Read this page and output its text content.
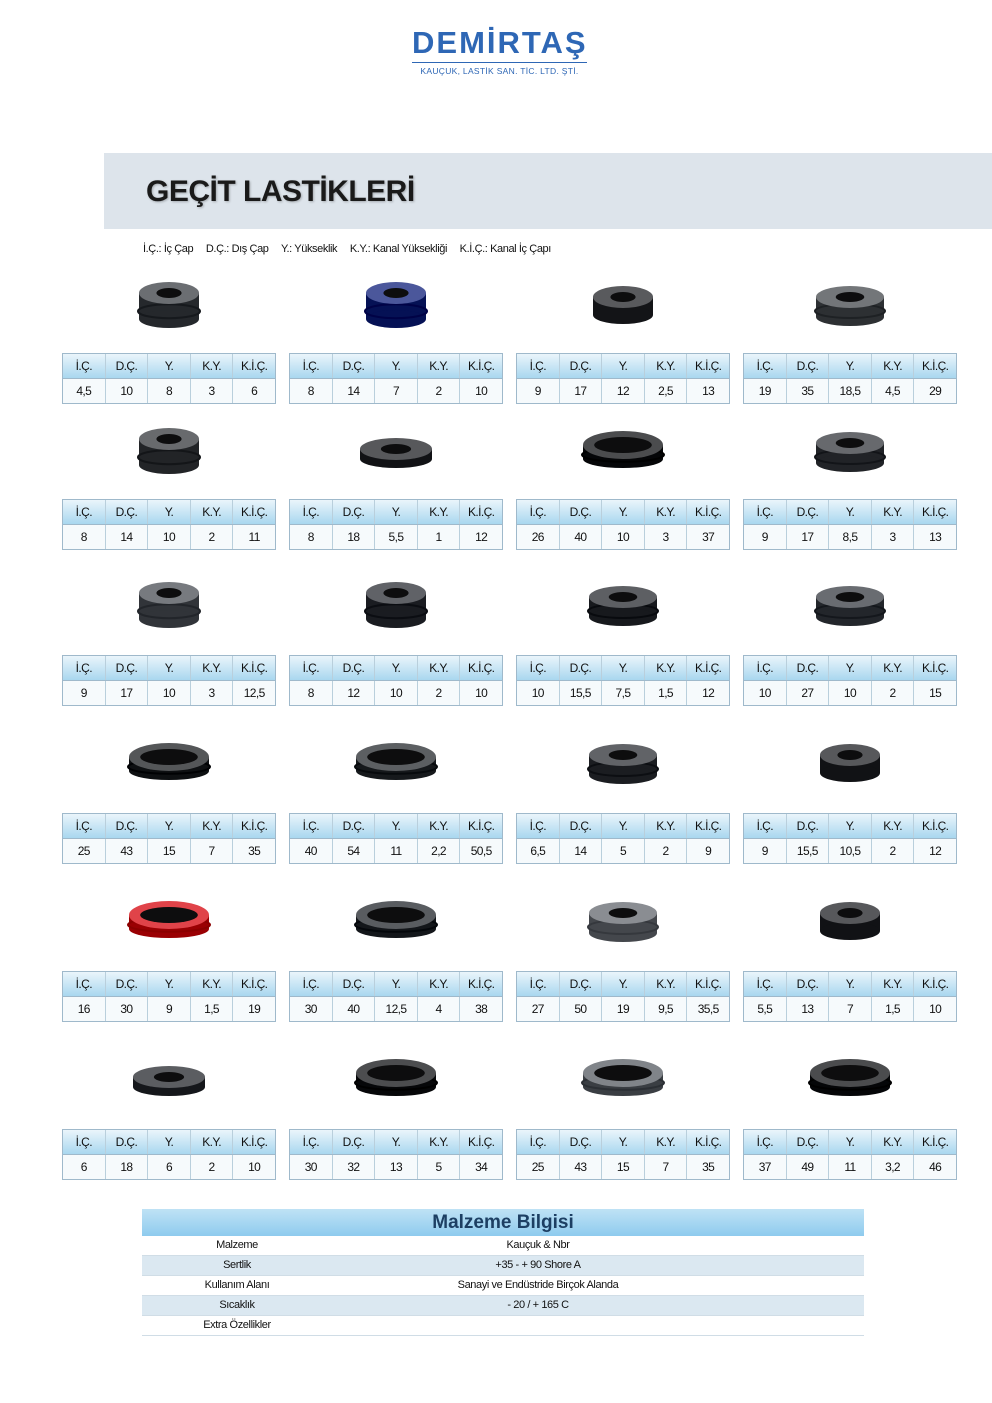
DEMİRTAŞ
KAUÇUK, LASTİK SAN. TİC. LTD. ŞTİ.
GEÇİT LASTİKLERİ
İ.Ç.: İç Çap D.Ç.: Dış Çap Y.: Yükseklik K.Y.: Kanal Yüksekliği K.İ.Ç.: Kanal İç Çapı
İ.Ç.	D.Ç.	Y.	K.Y.	K.İ.Ç.
4,5	10	8	3	6
İ.Ç.	D.Ç.	Y.	K.Y.	K.İ.Ç.
8	14	7	2	10
İ.Ç.	D.Ç.	Y.	K.Y.	K.İ.Ç.
9	17	12	2,5	13
İ.Ç.	D.Ç.	Y.	K.Y.	K.İ.Ç.
19	35	18,5	4,5	29
İ.Ç.	D.Ç.	Y.	K.Y.	K.İ.Ç.
8	14	10	2	11
İ.Ç.	D.Ç.	Y.	K.Y.	K.İ.Ç.
8	18	5,5	1	12
İ.Ç.	D.Ç.	Y.	K.Y.	K.İ.Ç.
26	40	10	3	37
İ.Ç.	D.Ç.	Y.	K.Y.	K.İ.Ç.
9	17	8,5	3	13
İ.Ç.	D.Ç.	Y.	K.Y.	K.İ.Ç.
9	17	10	3	12,5
İ.Ç.	D.Ç.	Y.	K.Y.	K.İ.Ç.
8	12	10	2	10
İ.Ç.	D.Ç.	Y.	K.Y.	K.İ.Ç.
10	15,5	7,5	1,5	12
İ.Ç.	D.Ç.	Y.	K.Y.	K.İ.Ç.
10	27	10	2	15
İ.Ç.	D.Ç.	Y.	K.Y.	K.İ.Ç.
25	43	15	7	35
İ.Ç.	D.Ç.	Y.	K.Y.	K.İ.Ç.
40	54	11	2,2	50,5
İ.Ç.	D.Ç.	Y.	K.Y.	K.İ.Ç.
6,5	14	5	2	9
İ.Ç.	D.Ç.	Y.	K.Y.	K.İ.Ç.
9	15,5	10,5	2	12
İ.Ç.	D.Ç.	Y.	K.Y.	K.İ.Ç.
16	30	9	1,5	19
İ.Ç.	D.Ç.	Y.	K.Y.	K.İ.Ç.
30	40	12,5	4	38
İ.Ç.	D.Ç.	Y.	K.Y.	K.İ.Ç.
27	50	19	9,5	35,5
İ.Ç.	D.Ç.	Y.	K.Y.	K.İ.Ç.
5,5	13	7	1,5	10
İ.Ç.	D.Ç.	Y.	K.Y.	K.İ.Ç.
6	18	6	2	10
İ.Ç.	D.Ç.	Y.	K.Y.	K.İ.Ç.
30	32	13	5	34
İ.Ç.	D.Ç.	Y.	K.Y.	K.İ.Ç.
25	43	15	7	35
İ.Ç.	D.Ç.	Y.	K.Y.	K.İ.Ç.
37	49	11	3,2	46
Malzeme Bilgisi
Malzeme	Kauçuk & Nbr
Sertlik	+35 - + 90 Shore A
Kullanım Alanı	Sanayi ve Endüstride Birçok Alanda
Sıcaklık	- 20 / + 165 C
Extra Özellikler
